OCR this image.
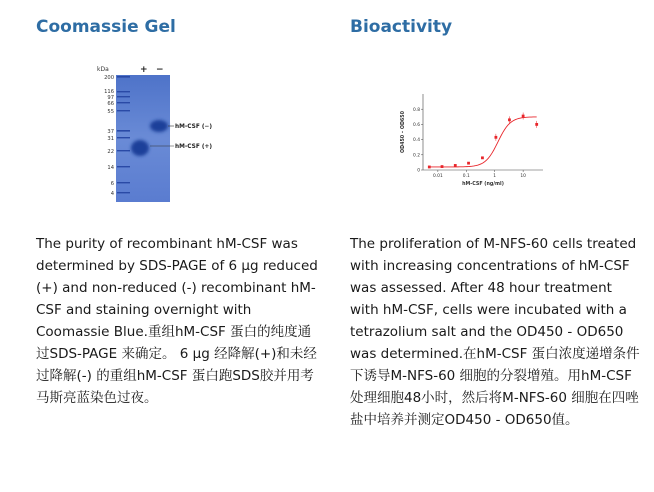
Coomassie Gel
kDa	+ −
200
116
97
66
55
37
31
22
14
6
4
hM-CSF (−)
hM-CSF (+)

The purity of recombinant hM-CSF was determined by SDS-PAGE of 6 μg reduced (+) and non-reduced (-) recombinant hM-CSF and staining overnight with Coomassie Blue.重组hM-CSF 蛋白的纯度通过SDS-PAGE 来确定。 6 μg 经降解(+)和未经过降解(-) 的重组hM-CSF 蛋白跑SDS胶并用考马斯亮蓝染色过夜。

Bioactivity
0
0.2
0.4
0.6
0.8
0.01	0.1	1	10
hM-CSF (ng/ml)
OD450 – OD650

The proliferation of M-NFS-60 cells treated with increasing concentrations of hM-CSF was assessed. After 48 hour treatment with hM-CSF, cells were incubated with a tetrazolium salt and the OD450 - OD650 was determined.在hM-CSF 蛋白浓度递增条件下诱导M-NFS-60 细胞的分裂增殖。用hM-CSF处理细胞48小时，然后将M-NFS-60 细胞在四唑盐中培养并测定OD450 - OD650值。
